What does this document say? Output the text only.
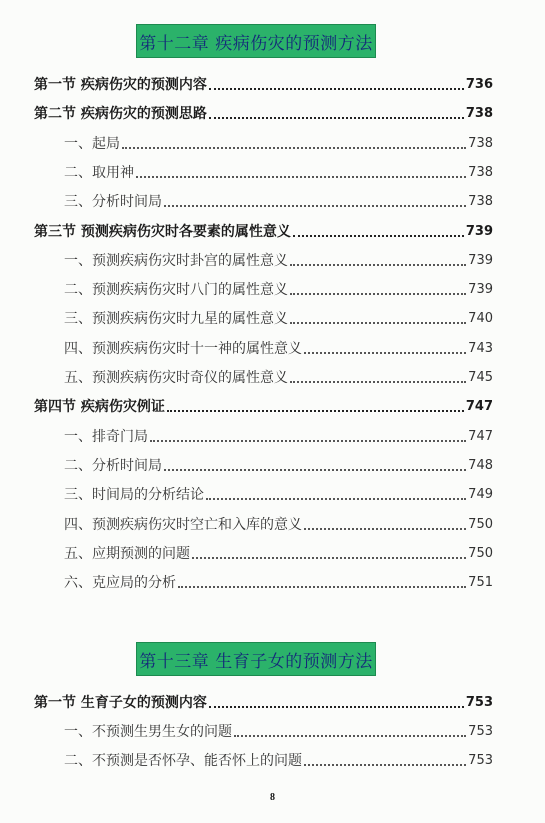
第十二章 疾病伤灾的预测方法
第一节 疾病伤灾的预测内容	736
第二节 疾病伤灾的预测思路	738
一、起局	738
二、取用神	738
三、分析时间局	738
第三节 预测疾病伤灾时各要素的属性意义	739
一、预测疾病伤灾时卦宫的属性意义	739
二、预测疾病伤灾时八门的属性意义	739
三、预测疾病伤灾时九星的属性意义	740
四、预测疾病伤灾时十一神的属性意义	743
五、预测疾病伤灾时奇仪的属性意义	745
第四节 疾病伤灾例证	747
一、排奇门局	747
二、分析时间局	748
三、时间局的分析结论	749
四、预测疾病伤灾时空亡和入库的意义	750
五、应期预测的问题	750
六、克应局的分析	751
第十三章 生育子女的预测方法
第一节 生育子女的预测内容	753
一、不预测生男生女的问题	753
二、不预测是否怀孕、能否怀上的问题	753
8
